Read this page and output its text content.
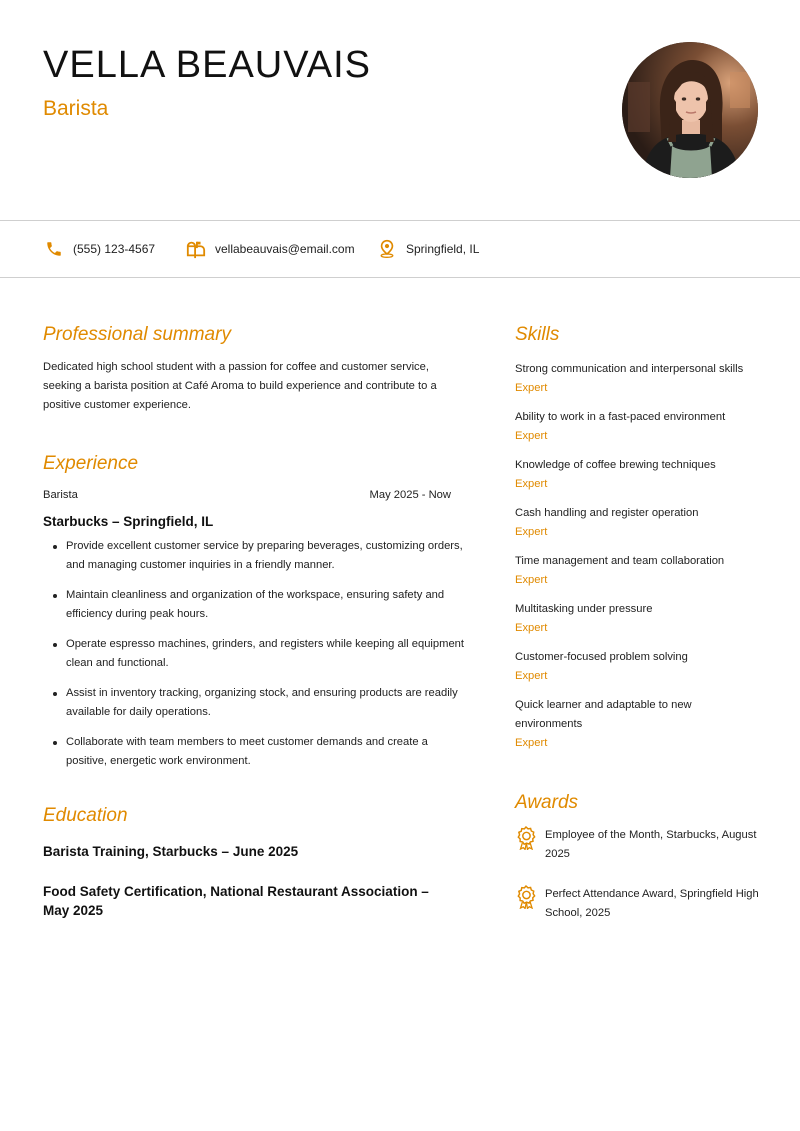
VELLA BEAUVAIS
Barista
(555) 123-4567	vellabeauvais@email.com	Springfield, IL
Professional summary
Dedicated high school student with a passion for coffee and customer service, seeking a barista position at Café Aroma to build experience and contribute to a positive customer experience.
Experience
Barista	May 2025 - Now
Starbucks – Springfield, IL
Provide excellent customer service by preparing beverages, customizing orders, and managing customer inquiries in a friendly manner.
Maintain cleanliness and organization of the workspace, ensuring safety and efficiency during peak hours.
Operate espresso machines, grinders, and registers while keeping all equipment clean and functional.
Assist in inventory tracking, organizing stock, and ensuring products are readily available for daily operations.
Collaborate with team members to meet customer demands and create a positive, energetic work environment.
Education
Barista Training, Starbucks – June 2025
Food Safety Certification, National Restaurant Association – May 2025
Skills
Strong communication and interpersonal skills
Expert
Ability to work in a fast-paced environment
Expert
Knowledge of coffee brewing techniques
Expert
Cash handling and register operation
Expert
Time management and team collaboration
Expert
Multitasking under pressure
Expert
Customer-focused problem solving
Expert
Quick learner and adaptable to new environments
Expert
Awards
Employee of the Month, Starbucks, August 2025
Perfect Attendance Award, Springfield High School, 2025
